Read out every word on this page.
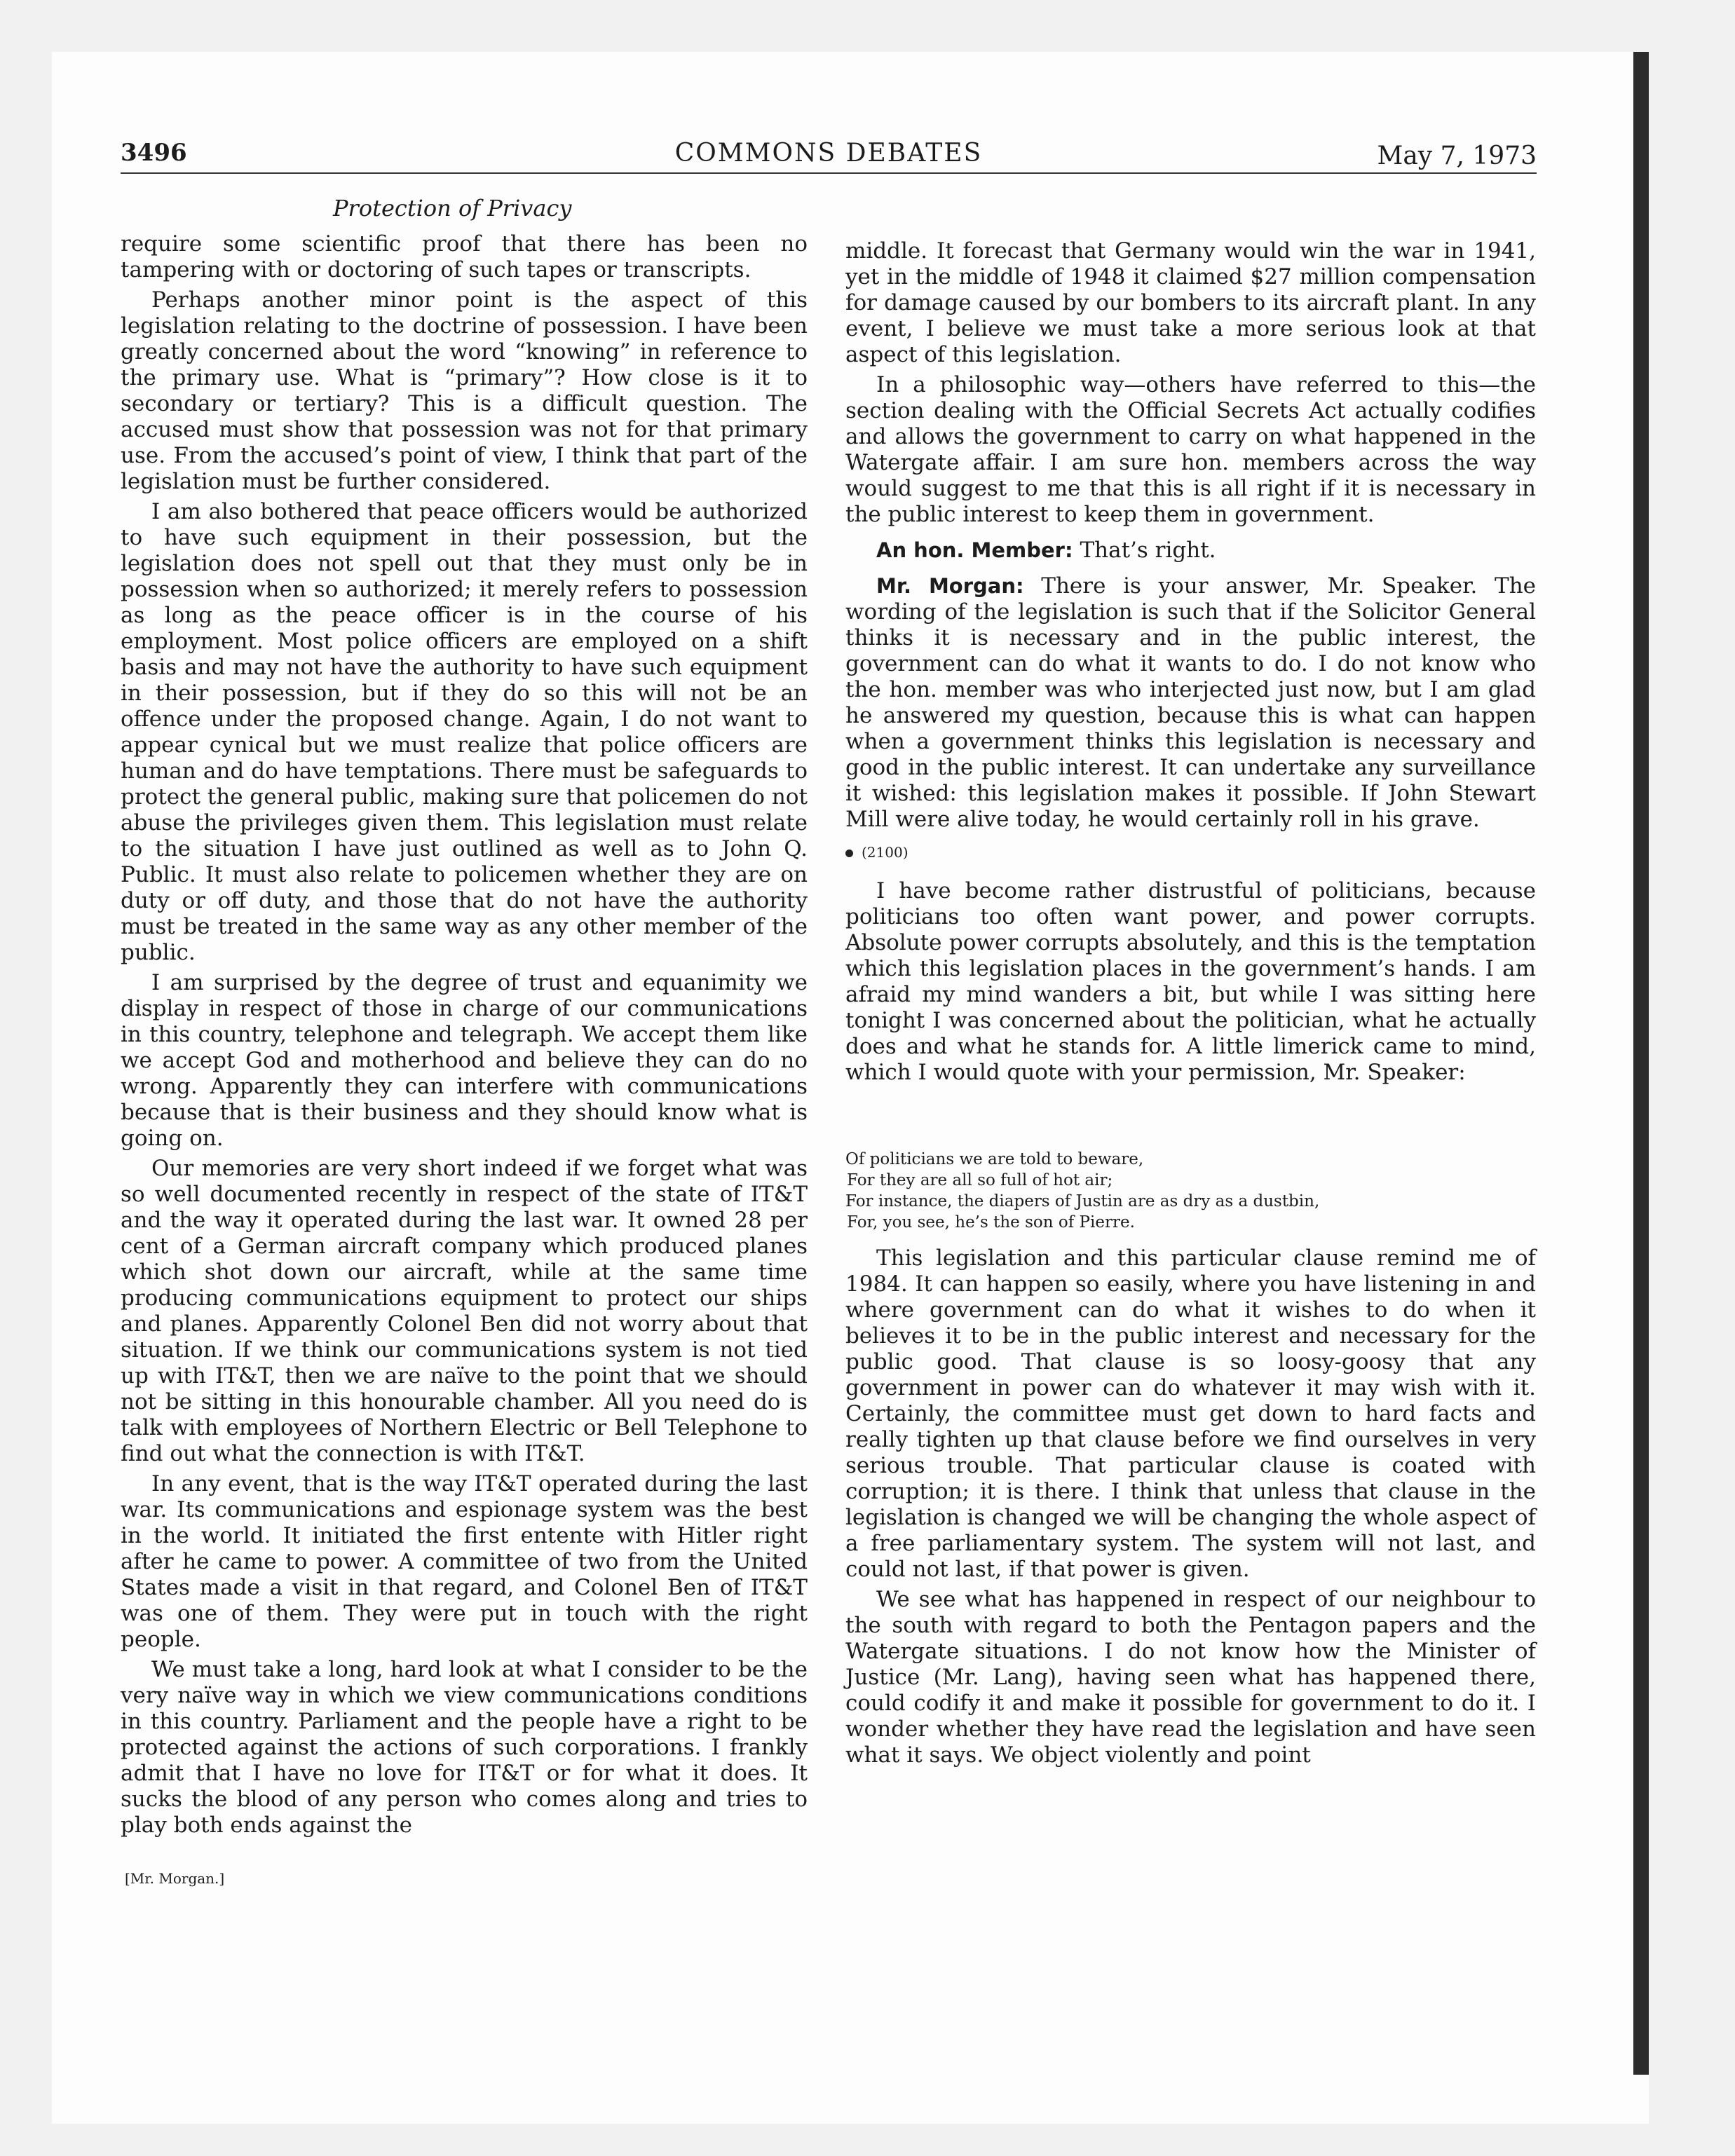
3496	COMMONS DEBATES	May 7, 1973
Protection of Privacy

require some scientific proof that there has been no tampering with or doctoring of such tapes or transcripts.

Perhaps another minor point is the aspect of this legislation relating to the doctrine of possession. I have been greatly concerned about the word “knowing” in reference to the primary use. What is “primary”? How close is it to secondary or tertiary? This is a difficult question. The accused must show that possession was not for that primary use. From the accused’s point of view, I think that part of the legislation must be further considered.

I am also bothered that peace officers would be authorized to have such equipment in their possession, but the legislation does not spell out that they must only be in possession when so authorized; it merely refers to possession as long as the peace officer is in the course of his employment. Most police officers are employed on a shift basis and may not have the authority to have such equipment in their possession, but if they do so this will not be an offence under the proposed change. Again, I do not want to appear cynical but we must realize that police officers are human and do have temptations. There must be safeguards to protect the general public, making sure that policemen do not abuse the privileges given them. This legislation must relate to the situation I have just outlined as well as to John Q. Public. It must also relate to policemen whether they are on duty or off duty, and those that do not have the authority must be treated in the same way as any other member of the public.

I am surprised by the degree of trust and equanimity we display in respect of those in charge of our communications in this country, telephone and telegraph. We accept them like we accept God and motherhood and believe they can do no wrong. Apparently they can interfere with communications because that is their business and they should know what is going on.

Our memories are very short indeed if we forget what was so well documented recently in respect of the state of IT&T and the way it operated during the last war. It owned 28 per cent of a German aircraft company which produced planes which shot down our aircraft, while at the same time producing communications equipment to protect our ships and planes. Apparently Colonel Ben did not worry about that situation. If we think our communications system is not tied up with IT&T, then we are naïve to the point that we should not be sitting in this honourable chamber. All you need do is talk with employees of Northern Electric or Bell Telephone to find out what the connection is with IT&T.

In any event, that is the way IT&T operated during the last war. Its communications and espionage system was the best in the world. It initiated the first entente with Hitler right after he came to power. A committee of two from the United States made a visit in that regard, and Colonel Ben of IT&T was one of them. They were put in touch with the right people.

We must take a long, hard look at what I consider to be the very naïve way in which we view communications conditions in this country. Parliament and the people have a right to be protected against the actions of such corporations. I frankly admit that I have no love for IT&T or for what it does. It sucks the blood of any person who comes along and tries to play both ends against the

[Mr. Morgan.]

middle. It forecast that Germany would win the war in 1941, yet in the middle of 1948 it claimed $27 million compensation for damage caused by our bombers to its aircraft plant. In any event, I believe we must take a more serious look at that aspect of this legislation.

In a philosophic way—others have referred to this—the section dealing with the Official Secrets Act actually codifies and allows the government to carry on what happened in the Watergate affair. I am sure hon. members across the way would suggest to me that this is all right if it is necessary in the public interest to keep them in government.

An hon. Member: That’s right.

Mr. Morgan: There is your answer, Mr. Speaker. The wording of the legislation is such that if the Solicitor General thinks it is necessary and in the public interest, the government can do what it wants to do. I do not know who the hon. member was who interjected just now, but I am glad he answered my question, because this is what can happen when a government thinks this legislation is necessary and good in the public interest. It can undertake any surveillance it wished: this legislation makes it possible. If John Stewart Mill were alive today, he would certainly roll in his grave.

(2100)

I have become rather distrustful of politicians, because politicians too often want power, and power corrupts. Absolute power corrupts absolutely, and this is the temptation which this legislation places in the government’s hands. I am afraid my mind wanders a bit, but while I was sitting here tonight I was concerned about the politician, what he actually does and what he stands for. A little limerick came to mind, which I would quote with your permission, Mr. Speaker:

Of politicians we are told to beware,
For they are all so full of hot air;
For instance, the diapers of Justin are as dry as a dustbin,
For, you see, he’s the son of Pierre.

This legislation and this particular clause remind me of 1984. It can happen so easily, where you have listening in and where government can do what it wishes to do when it believes it to be in the public interest and necessary for the public good. That clause is so loosy-goosy that any government in power can do whatever it may wish with it. Certainly, the committee must get down to hard facts and really tighten up that clause before we find ourselves in very serious trouble. That particular clause is coated with corruption; it is there. I think that unless that clause in the legislation is changed we will be changing the whole aspect of a free parliamentary system. The system will not last, and could not last, if that power is given.

We see what has happened in respect of our neighbour to the south with regard to both the Pentagon papers and the Watergate situations. I do not know how the Minister of Justice (Mr. Lang), having seen what has happened there, could codify it and make it possible for government to do it. I wonder whether they have read the legislation and have seen what it says. We object violently and point
